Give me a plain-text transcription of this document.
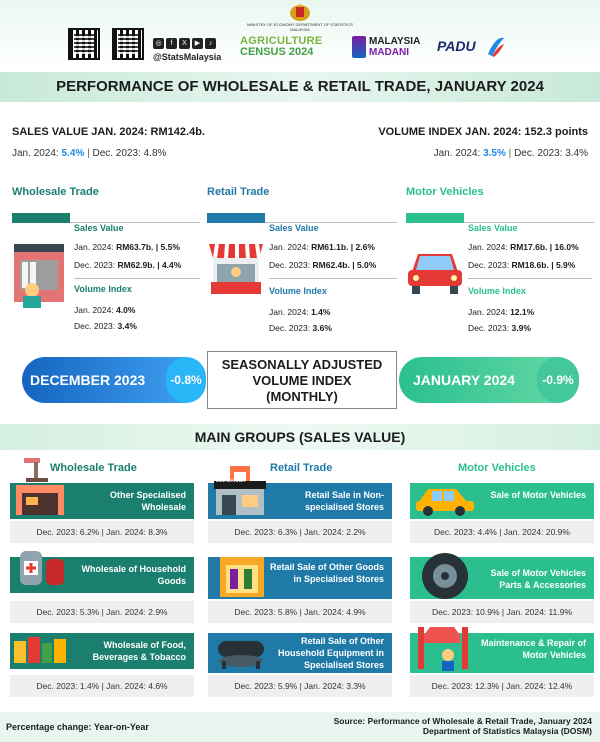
MINISTRY OF ECONOMY DEPARTMENT OF STATISTICS MALAYSIA
◎	f	X	▶	♪
@StatsMalaysia
AGRICULTURE
CENSUS 2024
MALAYSIA
MADANI	PADU
PERFORMANCE OF WHOLESALE & RETAIL TRADE, JANUARY 2024
SALES VALUE JAN. 2024: RM142.4b.
Jan. 2024: 5.4% | Dec. 2023: 4.8%
VOLUME INDEX JAN. 2024: 152.3 points
Jan. 2024: 3.5% | Dec. 2023: 3.4%
Wholesale Trade
Sales Value
Jan. 2024: RM63.7b. | 5.5%
Dec. 2023: RM62.9b. | 4.4%
Volume Index
Jan. 2024: 4.0%
Dec. 2023: 3.4%
Retail Trade
Sales Value
Jan. 2024: RM61.1b. | 2.6%
Dec. 2023: RM62.4b. | 5.0%
Volume Index
Jan. 2024: 1.4%
Dec. 2023: 3.6%
Motor Vehicles
Sales Value
Jan. 2024: RM17.6b. | 16.0%
Dec. 2023: RM18.6b. | 5.9%
Volume Index
Jan. 2024: 12.1%
Dec. 2023: 3.9%
DECEMBER 2023	-0.8%
SEASONALLY ADJUSTED
VOLUME INDEX
(MONTHLY)
JANUARY 2024	-0.9%
MAIN GROUPS (SALES VALUE)
Wholesale Trade
Other Specialised Wholesale
Dec. 2023: 6.2% | Jan. 2024: 8.3%
Wholesale of Household Goods
Dec. 2023: 5.3% | Jan. 2024: 2.9%
Wholesale of Food, Beverages & Tobacco
Dec. 2023: 1.4% | Jan. 2024: 4.6%
Retail Trade
MINI MARKET
Retail Sale in Non-specialised Stores
Dec. 2023: 6.3% | Jan. 2024: 2.2%
Retail Sale of Other Goods in Specialised Stores
Dec. 2023: 5.8% | Jan. 2024: 4.9%
Retail Sale of Other Household Equipment in Specialised Stores
Dec. 2023: 5.9% | Jan. 2024: 3.3%
Motor Vehicles
Sale of Motor Vehicles
Dec. 2023: 4.4% | Jan. 2024: 20.9%
Sale of Motor Vehicles Parts & Accessories
Dec. 2023: 10.9% | Jan. 2024: 11.9%
Maintenance & Repair of Motor Vehicles
Dec. 2023: 12.3% | Jan. 2024: 12.4%
Percentage change: Year-on-Year
Source: Performance of Wholesale & Retail Trade, January 2024
Department of Statistics Malaysia (DOSM)
